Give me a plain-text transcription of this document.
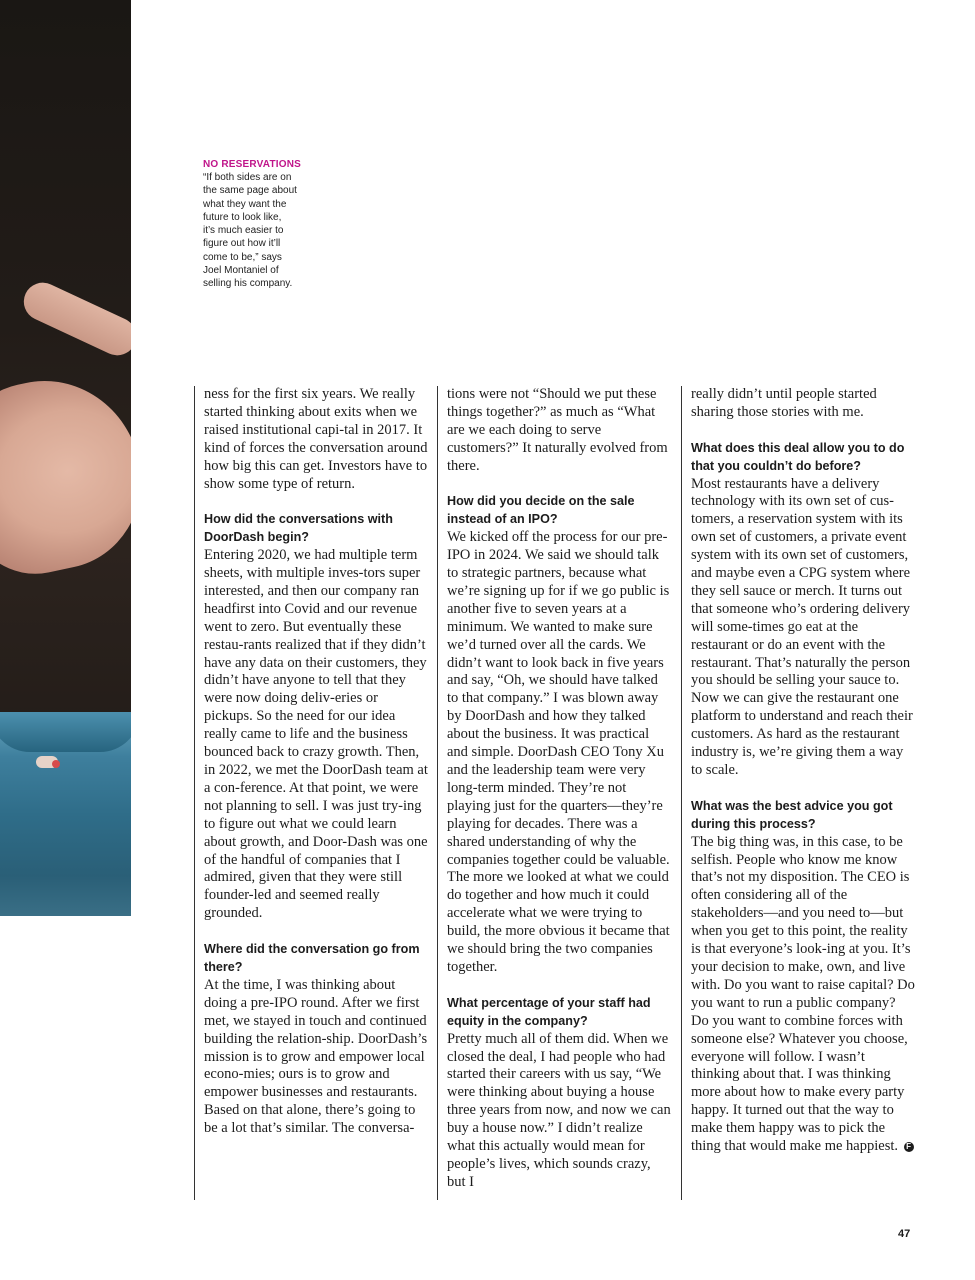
NO RESERVATIONS
“If both sides are on
the same page about
what they want the
future to look like,
it’s much easier to
figure out how it’ll
come to be,” says
Joel Montaniel of
selling his company.

ness for the first six years. We really started thinking about exits when we raised institutional capi-tal in 2017. It kind of forces the conversation around how big this can get. Investors have to show some type of return.

How did the conversations with DoorDash begin?

Entering 2020, we had multiple term sheets, with multiple inves-tors super interested, and then our company ran headfirst into Covid and our revenue went to zero. But eventually these restau-rants realized that if they didn’t have any data on their customers, they didn’t have anyone to tell that they were now doing deliv-eries or pickups. So the need for our idea really came to life and the business bounced back to crazy growth. Then, in 2022, we met the DoorDash team at a con-ference. At that point, we were not planning to sell. I was just try-ing to figure out what we could learn about growth, and Door-Dash was one of the handful of companies that I admired, given that they were still founder-led and seemed really grounded.

Where did the conversation go from there?

At the time, I was thinking about doing a pre-IPO round. After we first met, we stayed in touch and continued building the relation-ship. DoorDash’s mission is to grow and empower local econo-mies; ours is to grow and empower businesses and restaurants. Based on that alone, there’s going to be a lot that’s similar. The conversa-

tions were not “Should we put these things together?” as much as “What are we each doing to serve customers?” It naturally evolved from there.

How did you decide on the sale instead of an IPO?

We kicked off the process for our pre-IPO in 2024. We said we should talk to strategic partners, because what we’re signing up for if we go public is another five to seven years at a minimum. We wanted to make sure we’d turned over all the cards. We didn’t want to look back in five years and say, “Oh, we should have talked to that company.” I was blown away by DoorDash and how they talked about the business. It was practical and simple. DoorDash CEO Tony Xu and the leadership team were very long-term minded. They’re not playing just for the quarters—they’re playing for decades. There was a shared understanding of why the companies together could be valuable. The more we looked at what we could do together and how much it could accelerate what we were trying to build, the more obvious it became that we should bring the two companies together.

What percentage of your staff had equity in the company?

Pretty much all of them did. When we closed the deal, I had people who had started their careers with us say, “We were thinking about buying a house three years from now, and now we can buy a house now.” I didn’t realize what this actually would mean for people’s lives, which sounds crazy, but I

really didn’t until people started sharing those stories with me.

What does this deal allow you to do that you couldn’t do before?

Most restaurants have a delivery technology with its own set of cus-tomers, a reservation system with its own set of customers, a private event system with its own set of customers, and maybe even a CPG system where they sell sauce or merch. It turns out that someone who’s ordering delivery will some-times go eat at the restaurant or do an event with the restaurant. That’s naturally the person you should be selling your sauce to. Now we can give the restaurant one platform to understand and reach their customers. As hard as the restaurant industry is, we’re giving them a way to scale.

What was the best advice you got during this process?

The big thing was, in this case, to be selfish. People who know me know that’s not my disposition. The CEO is often considering all of the stakeholders—and you need to—but when you get to this point, the reality is that everyone’s look-ing at you. It’s your decision to make, own, and live with. Do you want to raise capital? Do you want to run a public company? Do you want to combine forces with someone else? Whatever you choose, everyone will follow. I wasn’t thinking about that. I was thinking more about how to make every party happy. It turned out that the way to make them happy was to pick the thing that would make me happiest. F

47
